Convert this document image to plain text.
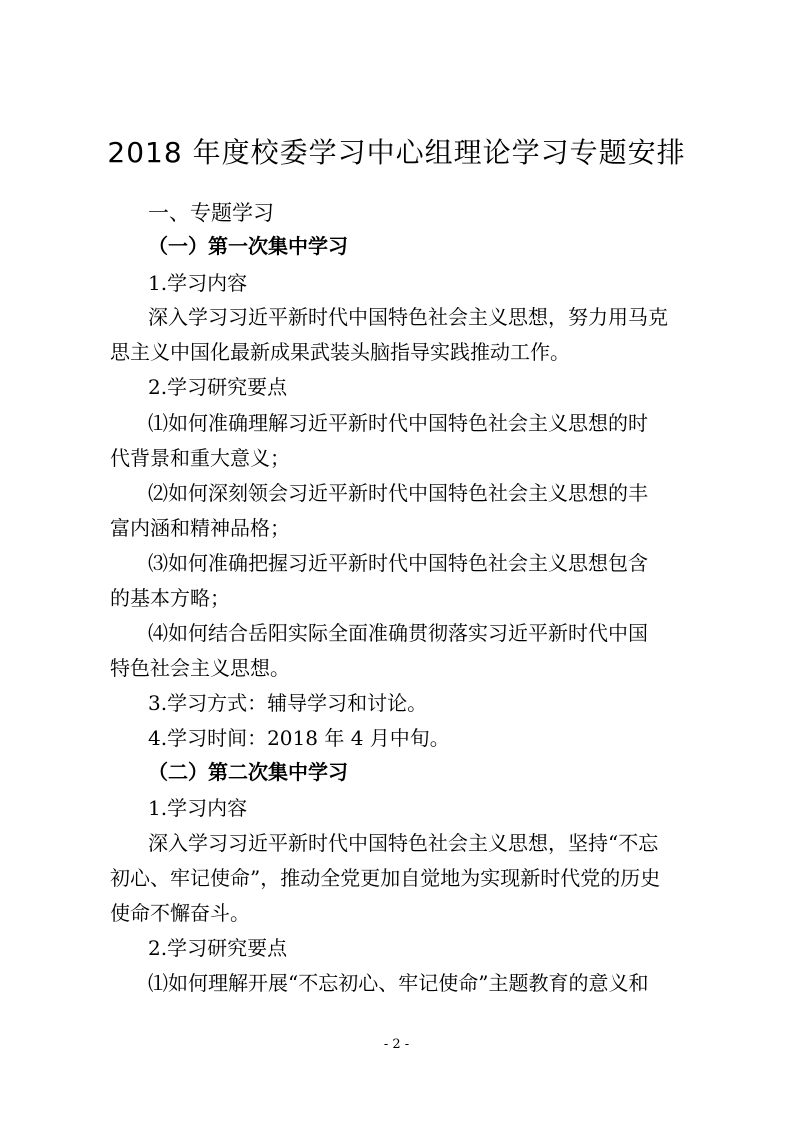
2018 年度校委学习中心组理论学习专题安排
一、专题学习
（一）第一次集中学习
1.学习内容
深入学习习近平新时代中国特色社会主义思想，努力用马克
思主义中国化最新成果武装头脑指导实践推动工作。
2.学习研究要点
⑴如何准确理解习近平新时代中国特色社会主义思想的时
代背景和重大意义；
⑵如何深刻领会习近平新时代中国特色社会主义思想的丰
富内涵和精神品格；
⑶如何准确把握习近平新时代中国特色社会主义思想包含
的基本方略；
⑷如何结合岳阳实际全面准确贯彻落实习近平新时代中国
特色社会主义思想。
3.学习方式：辅导学习和讨论。
4.学习时间：2018 年 4 月中旬。
（二）第二次集中学习
1.学习内容
深入学习习近平新时代中国特色社会主义思想，坚持“不忘
初心、牢记使命”，推动全党更加自觉地为实现新时代党的历史
使命不懈奋斗。
2.学习研究要点
⑴如何理解开展“不忘初心、牢记使命”主题教育的意义和
- 2 -
